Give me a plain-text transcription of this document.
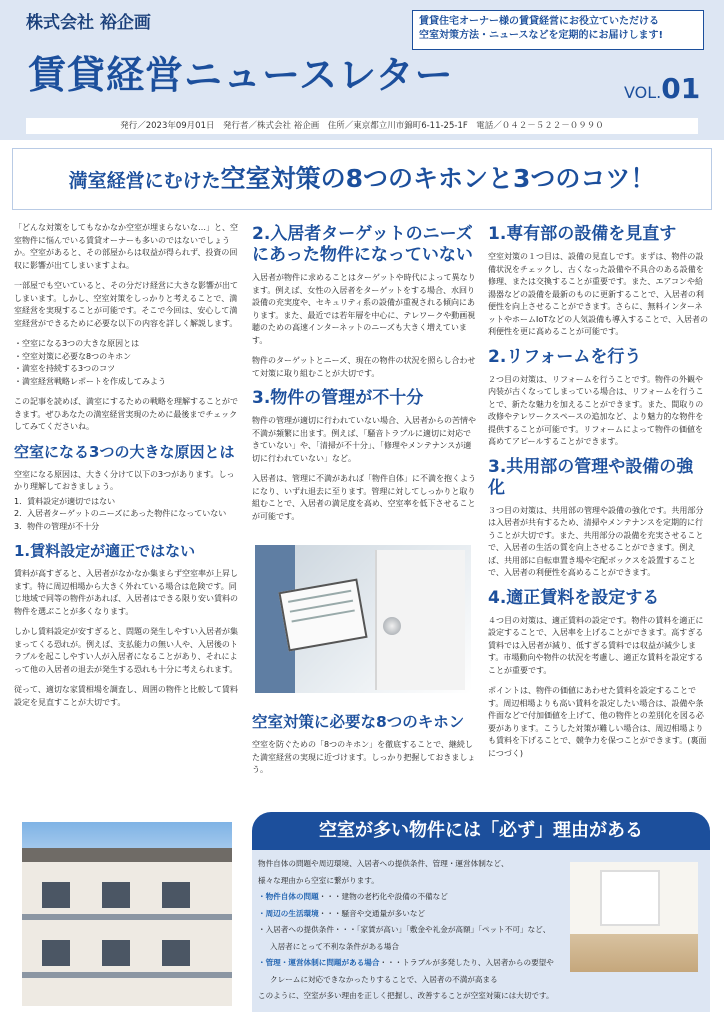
株式会社 裕企画
賃貸経営ニュースレター
賃貸住宅オーナー様の賃貸経営にお役立ていただける
空室対策方法・ニュースなどを定期的にお届けします!
VOL.01
発行／2023年09月01日　発行者／株式会社 裕企画　住所／東京都立川市錦町6-11-25-1F　電話／０４２－５２２－０９９０
満室経営にむけた空室対策の8つのキホンと3つのコツ！

「どんな対策をしてもなかなか空室が埋まらないな…」と、空室物件に悩んでいる賃貸オーナーも多いのではないでしょうか。空室があると、その部屋からは収益が得られず、投資の回収に影響が出てしまいますよね。

一部屋でも空いていると、その分だけ経営に大きな影響が出てしまいます。しかし、空室対策をしっかりと考えることで、満室経営を実現することが可能です。そこで今回は、安心して満室経営ができるために必要な以下の内容を詳しく解説します。

・空室になる3つの大きな原因とは
・空室対策に必要な8つのキホン
・満室を持続する3つのコツ
・満室経営戦略レポートを作成してみよう

この記事を読めば、満室にするための戦略を理解することができます。ぜひあなたの満室経営実現のために最後までチェックしてみてくださいね。

空室になる3つの大きな原因とは

空室になる原因は、大きく分けて以下の3つがあります。しっかり理解しておきましょう。

1．賃料設定が適切ではない
2．入居者ターゲットのニーズにあった物件になっていない
3．物件の管理が不十分
1.賃料設定が適正ではない

賃料が高すぎると、入居者がなかなか集まらず空室率が上昇します。特に周辺相場から大きく外れている場合は危険です。同じ地域で同等の物件があれば、入居者はできる限り安い賃料の物件を選ぶことが多くなります。

しかし賃料設定が安すぎると、問題の発生しやすい入居者が集まってくる恐れが。例えば、支払能力の無い人や、入居後のトラブルを起こしやすい人が入居者になることがあり、それによって他の入居者の退去が発生する恐れも十分に考えられます。

従って、適切な家賃相場を調査し、周囲の物件と比較して賃料設定を見直すことが大切です。

2.入居者ターゲットのニーズにあった物件になっていない

入居者が物件に求めることはターゲットや時代によって異なります。例えば、女性の入居者をターゲットをする場合、水回り設備の充実度や、セキュリティ系の設備が重視される傾向にあります。また、最近では若年層を中心に、テレワークや動画視聴のための高速インターネットのニーズも大きく増えています。

物件のターゲットとニーズ、現在の物件の状況を照らし合わせて対策に取り組むことが大切です。

3.物件の管理が不十分

物件の管理が適切に行われていない場合、入居者からの苦情や不満が頻繁に出ます。例えば、「騒音トラブルに適切に対応できていない」や、「清掃が不十分」、「修理やメンテナンスが適切に行われていない」など。

入居者は、管理に不満があれば「物件自体」に不満を抱くようになり、いずれ退去に至ります。管理に対してしっかりと取り組むことで、入居者の満足度を高め、空室率を低下させることが可能です。

空室対策に必要な8つのキホン

空室を防ぐための「8つのキホン」を徹底することで、継続した満室経営の実現に近づけます。しっかり把握しておきましょう。

1.専有部の設備を見直す

空室対策の１つ目は、設備の見直しです。まずは、物件の設備状況をチェックし、古くなった設備や不具合のある設備を修理、または交換することが重要です。また、エアコンや給湯器などの設備を最新のものに更新することで、入居者の利便性を向上させることができます。さらに、無料インターネットやホームIoTなどの人気設備も導入することで、入居者の利便性を更に高めることが可能です。

2.リフォームを行う

２つ目の対策は、リフォームを行うことです。物件の外観や内装が古くなってしまっている場合は、リフォームを行うことで、新たな魅力を加えることができます。また、間取りの改修やテレワークスペースの追加など、より魅力的な物件を提供することが可能です。リフォームによって物件の価値を高めてアピールすることができます。

3.共用部の管理や設備の強化

３つ目の対策は、共用部の管理や設備の強化です。共用部分は入居者が共有するため、清掃やメンテナンスを定期的に行うことが大切です。また、共用部分の設備を充実させることで、入居者の生活の質を向上させることができます。例えば、共用部に自転車置き場や宅配ボックスを設置することで、入居者の利便性を高めることができます。

4.適正賃料を設定する

４つ目の対策は、適正賃料の設定です。物件の賃料を適正に設定することで、入居率を上げることができます。高すぎる賃料では入居者が減り、低すぎる賃料では収益が減少します。市場動向や物件の状況を考慮し、適正な賃料を設定することが重要です。

ポイントは、物件の価値にあわせた賃料を設定することです。周辺相場よりも高い賃料を設定したい場合は、設備や条件面などで付加価値を上げて、他の物件との差別化を図る必要があります。こうした対策が難しい場合は、周辺相場よりも賃料を下げることで、競争力を保つことができます。(裏面につづく)

空室が多い物件には「必ず」理由がある
物件自体の問題や周辺環境、入居者への提供条件、管理・運営体制など、
様々な理由から空室に繋がります。
・物件自体の問題・・・建物の老朽化や設備の不備など
・周辺の生活環境・・・騒音や交通量が多いなど
・入居者への提供条件・・・「家賃が高い」「敷金や礼金が高額」「ペット不可」など、
入居者にとって不利な条件がある場合
・管理・運営体制に問題がある場合・・・トラブルが多発したり、入居者からの要望や
クレームに対応できなかったりすることで、入居者の不満が高まる
このように、空室が多い理由を正しく把握し、改善することが空室対策には大切です。
